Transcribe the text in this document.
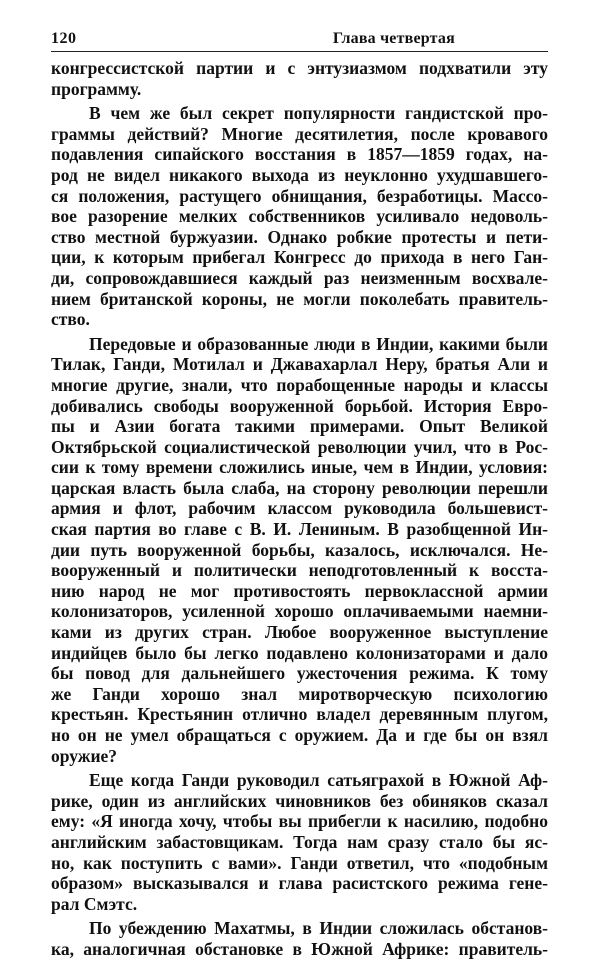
120	Глава четвертая
конгрессистской партии и с энтузиазмом подхватили эту
программу.
В чем же был секрет популярности гандистской про-
граммы действий? Многие десятилетия, после кровавого
подавления сипайского восстания в 1857—1859 годах, на-
род не видел никакого выхода из неуклонно ухудшавшего-
ся положения, растущего обнищания, безработицы. Массо-
вое разорение мелких собственников усиливало недоволь-
ство местной буржуазии. Однако робкие протесты и пети-
ции, к которым прибегал Конгресс до прихода в него Ган-
ди, сопровождавшиеся каждый раз неизменным восхвале-
нием британской короны, не могли поколебать правитель-
ство.
Передовые и образованные люди в Индии, какими были
Тилак, Ганди, Мотилал и Джавахарлал Неру, братья Али и
многие другие, знали, что порабощенные народы и классы
добивались свободы вооруженной борьбой. История Евро-
пы и Азии богата такими примерами. Опыт Великой
Октябрьской социалистической революции учил, что в Рос-
сии к тому времени сложились иные, чем в Индии, условия:
царская власть была слаба, на сторону революции перешли
армия и флот, рабочим классом руководила большевист-
ская партия во главе с В. И. Лениным. В разобщенной Ин-
дии путь вооруженной борьбы, казалось, исключался. Не-
вооруженный и политически неподготовленный к восста-
нию народ не мог противостоять первоклассной армии
колонизаторов, усиленной хорошо оплачиваемыми наемни-
ками из других стран. Любое вооруженное выступление
индийцев было бы легко подавлено колонизаторами и дало
бы повод для дальнейшего ужесточения режима. К тому
же Ганди хорошо знал миротворческую психологию
крестьян. Крестьянин отлично владел деревянным плугом,
но он не умел обращаться с оружием. Да и где бы он взял
оружие?
Еще когда Ганди руководил сатьяграхой в Южной Аф-
рике, один из английских чиновников без обиняков сказал
ему: «Я иногда хочу, чтобы вы прибегли к насилию, подобно
английским забастовщикам. Тогда нам сразу стало бы яс-
но, как поступить с вами». Ганди ответил, что «подобным
образом» высказывался и глава расистского режима гене-
рал Смэтс.
По убеждению Махатмы, в Индии сложилась обстанов-
ка, аналогичная обстановке в Южной Африке: правитель-
